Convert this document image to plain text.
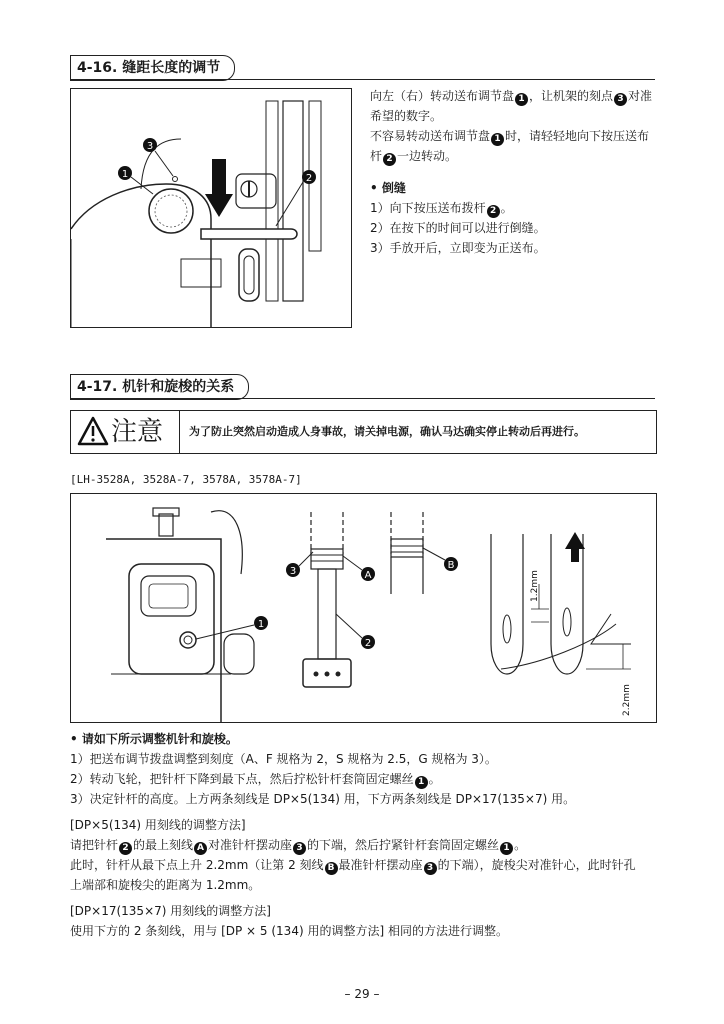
4-16. 缝距长度的调节
1
3
2

向左（右）转动送布调节盘 1 ，让机架的刻点 3 对准希望的数字。

不容易转动送布调节盘 1 时，请轻轻地向下按压送布杆 2 一边转动。

• 倒缝

1）向下按压送布拨杆 2 。

2）在按下的时间可以进行倒缝。

3）手放开后，立即变为正送布。

4-17. 机针和旋梭的关系
注意 为了防止突然启动造成人身事故，请关掉电源，确认马达确实停止转动后再进行。
[LH-3528A, 3528A-7, 3578A, 3578A-7]
1
3	A
2
B
1.2mm
2.2mm

• 请如下所示调整机针和旋梭。

1）把送布调节拨盘调整到刻度（A、F 规格为 2，S 规格为 2.5，G 规格为 3）。

2）转动飞轮，把针杆下降到最下点，然后拧松针杆套筒固定螺丝 1 。

3）决定针杆的高度。上方两条刻线是 DP×5(134) 用，下方两条刻线是 DP×17(135×7) 用。

[DP×5(134) 用刻线的调整方法]

请把针杆 2 的最上刻线 A 对准针杆摆动座 3 的下端，然后拧紧针杆套筒固定螺丝 1 。

此时，针杆从最下点上升 2.2mm（让第 2 刻线 B 最准针杆摆动座 3 的下端），旋梭尖对准针心，此时针孔

上端部和旋梭尖的距离为 1.2mm。

[DP×17(135×7) 用刻线的调整方法]

使用下方的 2 条刻线，用与 [DP × 5 (134) 用的调整方法] 相同的方法进行调整。

– 29 –
